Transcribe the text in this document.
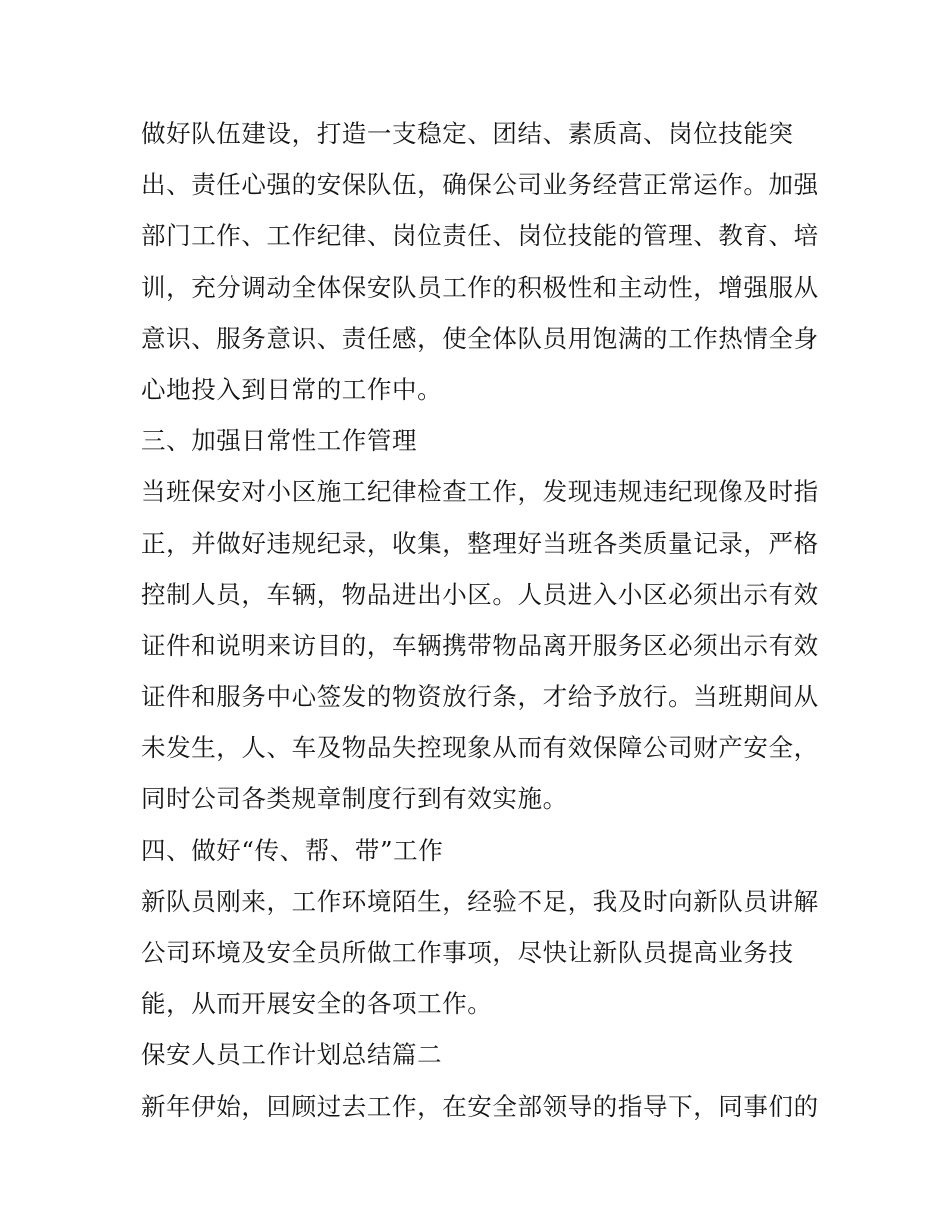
做好队伍建设，打造一支稳定、团结、素质高、岗位技能突
出、责任心强的安保队伍，确保公司业务经营正常运作。加强
部门工作、工作纪律、岗位责任、岗位技能的管理、教育、培
训，充分调动全体保安队员工作的积极性和主动性，增强服从
意识、服务意识、责任感，使全体队员用饱满的工作热情全身
心地投入到日常的工作中。
三、加强日常性工作管理
当班保安对小区施工纪律检查工作，发现违规违纪现像及时指
正，并做好违规纪录，收集，整理好当班各类质量记录，严格
控制人员，车辆，物品进出小区。人员进入小区必须出示有效
证件和说明来访目的，车辆携带物品离开服务区必须出示有效
证件和服务中心签发的物资放行条，才给予放行。当班期间从
未发生，人、车及物品失控现象从而有效保障公司财产安全，
同时公司各类规章制度行到有效实施。
四、做好“传、帮、带”工作
新队员刚来，工作环境陌生，经验不足，我及时向新队员讲解
公司环境及安全员所做工作事项，尽快让新队员提高业务技
能，从而开展安全的各项工作。
保安人员工作计划总结篇二
新年伊始，回顾过去工作，在安全部领导的指导下，同事们的
